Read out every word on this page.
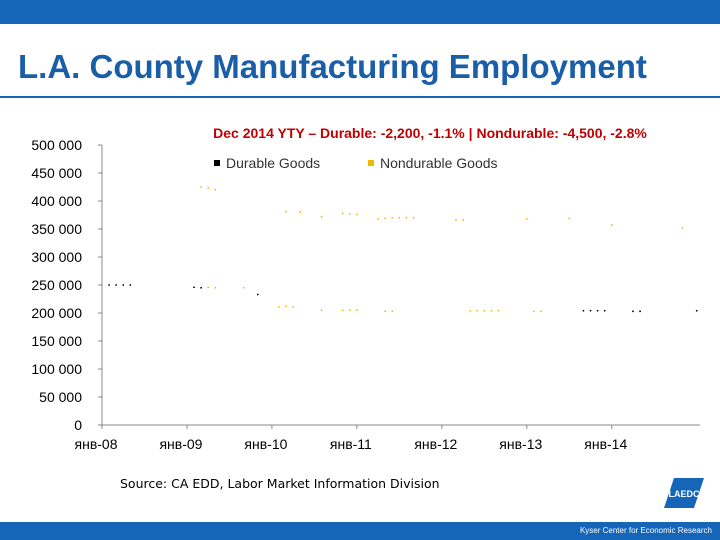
L.A. County Manufacturing Employment
Dec 2014 YTY – Durable: -2,200, -1.1% | Nondurable: -4,500, -2.8%
Durable Goods	Nondurable Goods
0
50 000
100 000
150 000
200 000
250 000
300 000
350 000
400 000
450 000
500 000
янв-08	янв-09	янв-10	янв-11	янв-12	янв-13	янв-14
Source: CA EDD, Labor Market Information Division
LAEDC
Kyser Center for Economic Research
